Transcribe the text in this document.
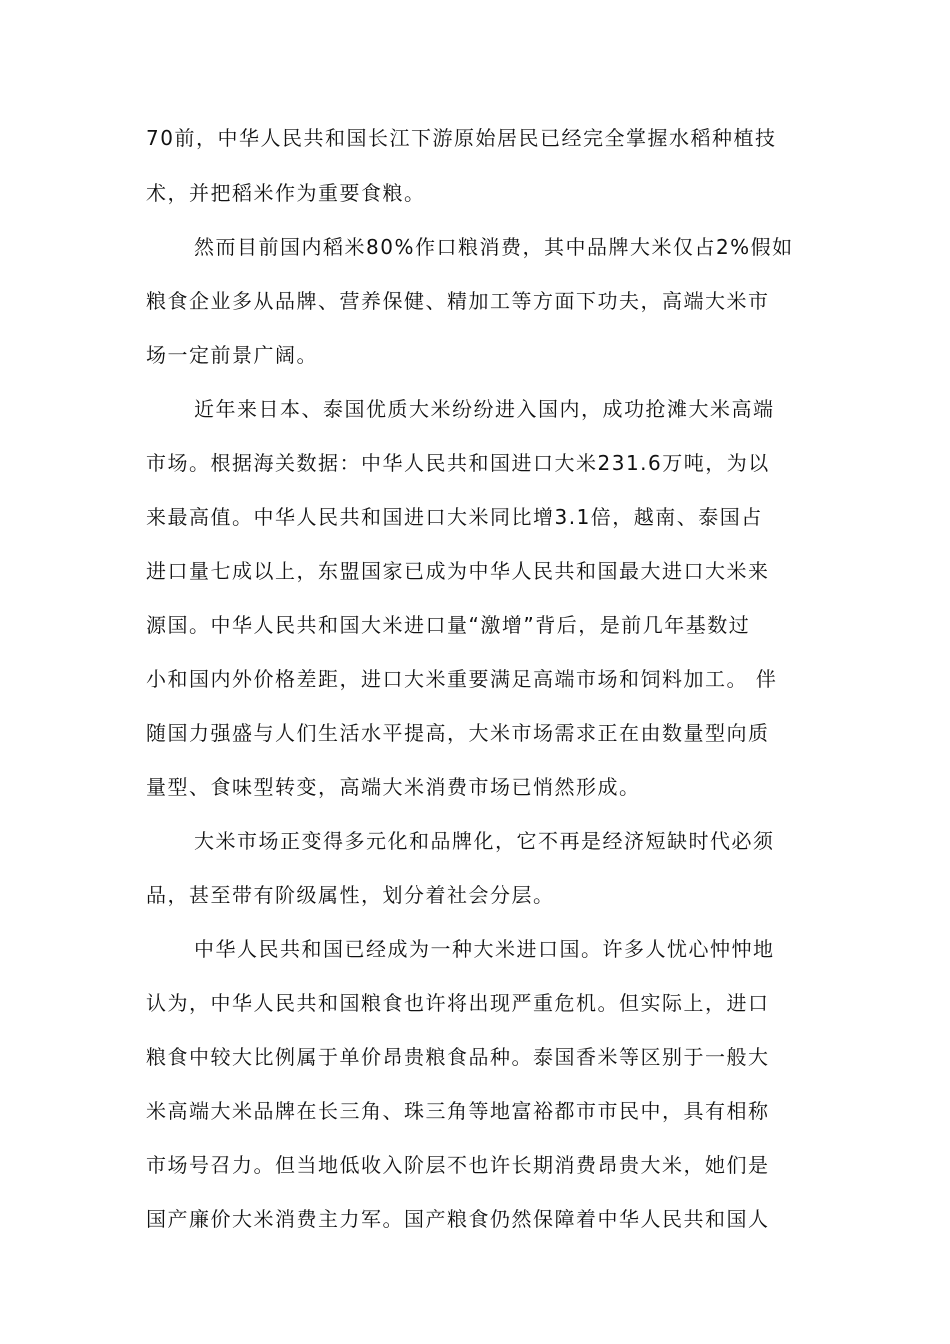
70前，中华人民共和国长江下游原始居民已经完全掌握水稻种植技
术，并把稻米作为重要食粮。
然而目前国内稻米80%作口粮消费，其中品牌大米仅占2%假如
粮食企业多从品牌、营养保健、精加工等方面下功夫，高端大米市
场一定前景广阔。
近年来日本、泰国优质大米纷纷进入国内，成功抢滩大米高端
市场。根据海关数据：中华人民共和国进口大米231.6万吨，为以
来最高值。中华人民共和国进口大米同比增3.1倍，越南、泰国占
进口量七成以上，东盟国家已成为中华人民共和国最大进口大米来
源国。中华人民共和国大米进口量“激增”背后，是前几年基数过
小和国内外价格差距，进口大米重要满足高端市场和饲料加工。 伴
随国力强盛与人们生活水平提高，大米市场需求正在由数量型向质
量型、食味型转变，高端大米消费市场已悄然形成。
大米市场正变得多元化和品牌化，它不再是经济短缺时代必须
品，甚至带有阶级属性，划分着社会分层。
中华人民共和国已经成为一种大米进口国。许多人忧心忡忡地
认为，中华人民共和国粮食也许将出现严重危机。但实际上，进口
粮食中较大比例属于单价昂贵粮食品种。泰国香米等区别于一般大
米高端大米品牌在长三角、珠三角等地富裕都市市民中，具有相称
市场号召力。但当地低收入阶层不也许长期消费昂贵大米，她们是
国产廉价大米消费主力军。国产粮食仍然保障着中华人民共和国人
